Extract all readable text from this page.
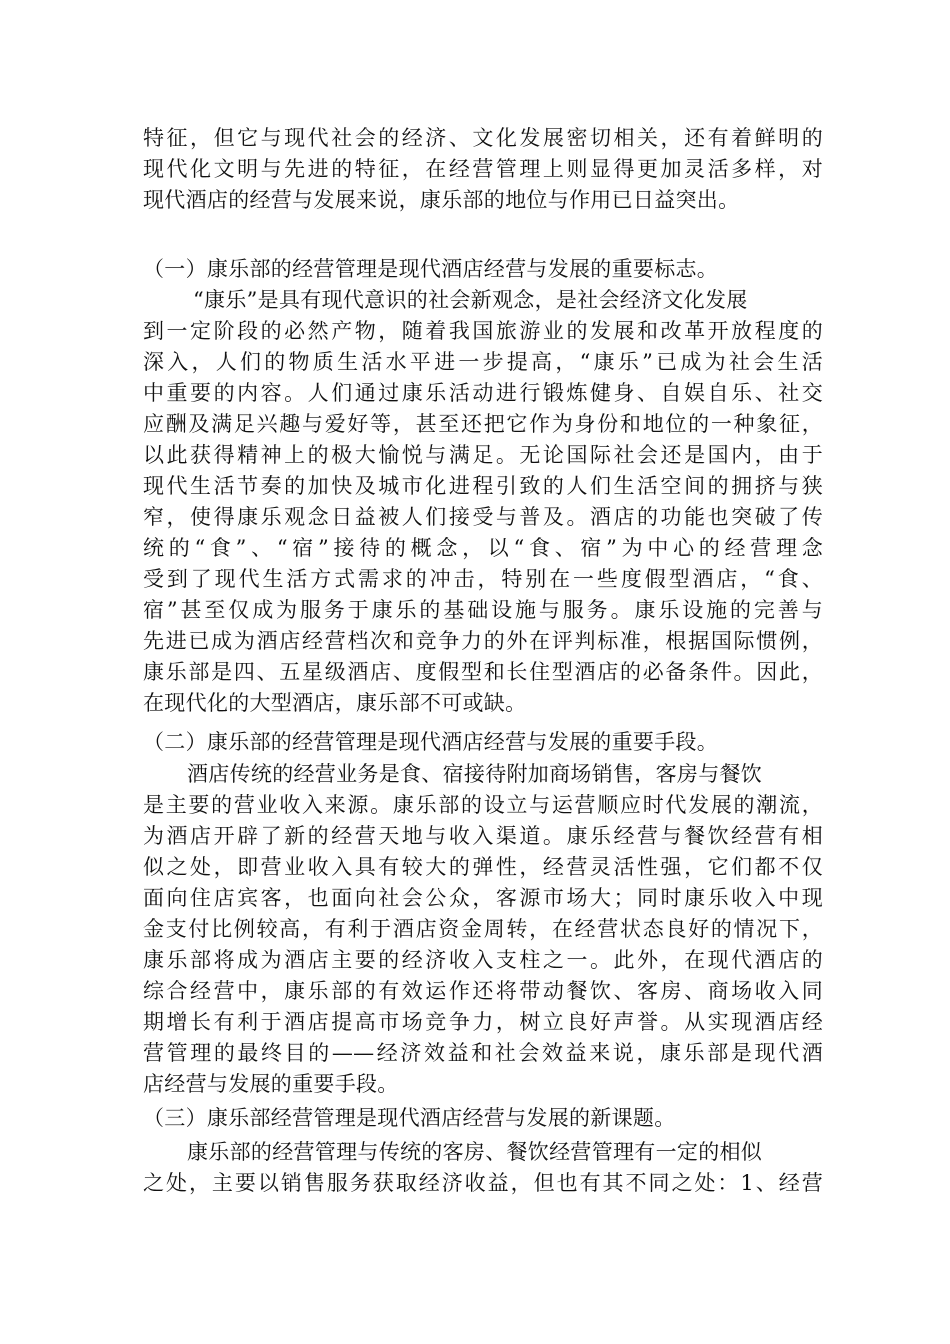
特征，但它与现代社会的经济、文化发展密切相关，还有着鲜明的
现代化文明与先进的特征，在经营管理上则显得更加灵活多样，对
现代酒店的经营与发展来说，康乐部的地位与作用已日益突出。
（一）康乐部的经营管理是现代酒店经营与发展的重要标志。
“康乐”是具有现代意识的社会新观念，是社会经济文化发展
到一定阶段的必然产物，随着我国旅游业的发展和改革开放程度的
深入，人们的物质生活水平进一步提高，“康乐”已成为社会生活
中重要的内容。人们通过康乐活动进行锻炼健身、自娱自乐、社交
应酬及满足兴趣与爱好等，甚至还把它作为身份和地位的一种象征，
以此获得精神上的极大愉悦与满足。无论国际社会还是国内，由于
现代生活节奏的加快及城市化进程引致的人们生活空间的拥挤与狭
窄，使得康乐观念日益被人们接受与普及。酒店的功能也突破了传
统的“食”、“宿”接待的概念，以“食、宿”为中心的经营理念
受到了现代生活方式需求的冲击，特别在一些度假型酒店，“食、
宿”甚至仅成为服务于康乐的基础设施与服务。康乐设施的完善与
先进已成为酒店经营档次和竞争力的外在评判标准，根据国际惯例，
康乐部是四、五星级酒店、度假型和长住型酒店的必备条件。因此，
在现代化的大型酒店，康乐部不可或缺。
（二）康乐部的经营管理是现代酒店经营与发展的重要手段。
酒店传统的经营业务是食、宿接待附加商场销售，客房与餐饮
是主要的营业收入来源。康乐部的设立与运营顺应时代发展的潮流，
为酒店开辟了新的经营天地与收入渠道。康乐经营与餐饮经营有相
似之处，即营业收入具有较大的弹性，经营灵活性强，它们都不仅
面向住店宾客，也面向社会公众，客源市场大；同时康乐收入中现
金支付比例较高，有利于酒店资金周转，在经营状态良好的情况下，
康乐部将成为酒店主要的经济收入支柱之一。此外，在现代酒店的
综合经营中，康乐部的有效运作还将带动餐饮、客房、商场收入同
期增长有利于酒店提高市场竞争力，树立良好声誉。从实现酒店经
营管理的最终目的——经济效益和社会效益来说，康乐部是现代酒
店经营与发展的重要手段。
（三）康乐部经营管理是现代酒店经营与发展的新课题。
康乐部的经营管理与传统的客房、餐饮经营管理有一定的相似
之处，主要以销售服务获取经济收益，但也有其不同之处：1、经营
